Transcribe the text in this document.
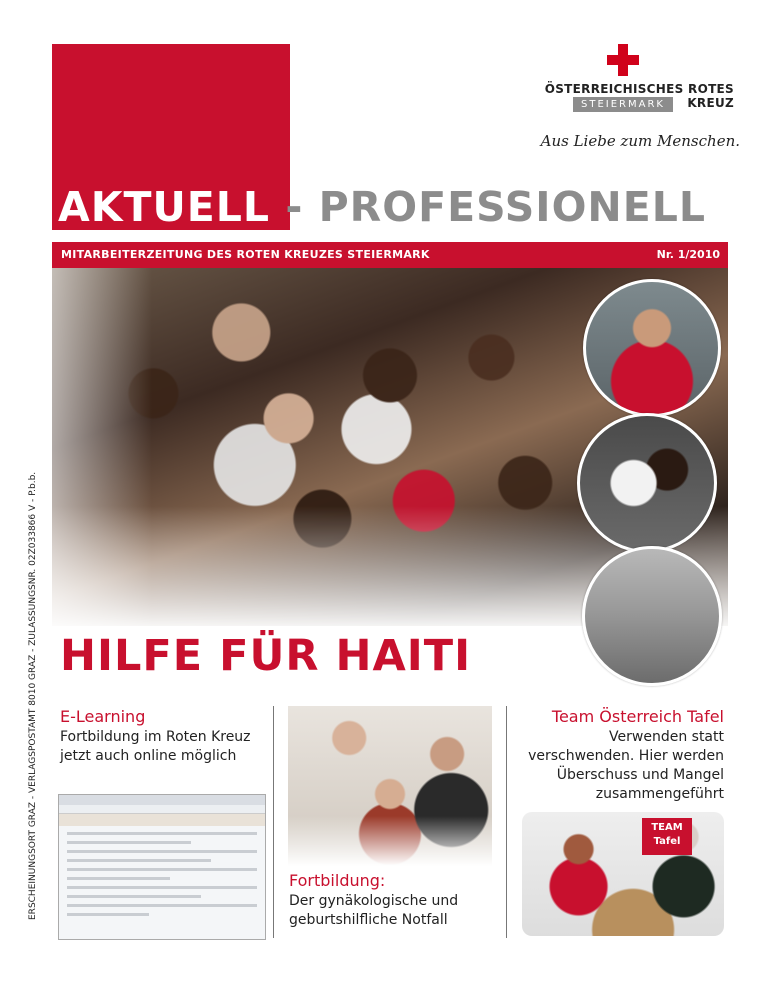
ERSCHEINUNGSORT GRAZ - VERLAGSPOSTAMT 8010 GRAZ - ZULASSUNGSNR. 02Z033866 V - P.b.b.
ÖSTERREICHISCHES ROTES KREUZ
STEIERMARK
Aus Liebe zum Menschen.
AKTUELL - PROFESSIONELL
MITARBEITERZEITUNG DES ROTEN KREUZES STEIERMARK	Nr. 1/2010
HILFE FÜR HAITI

E-Learning

Fortbildung im Roten Kreuz jetzt auch online möglich

Fortbildung:

Der gynäkologische und geburtshilfliche Notfall

Team Österreich Tafel

Verwenden statt verschwenden. Hier werden Überschuss und Mangel zusammengeführt

TEAM Tafel
